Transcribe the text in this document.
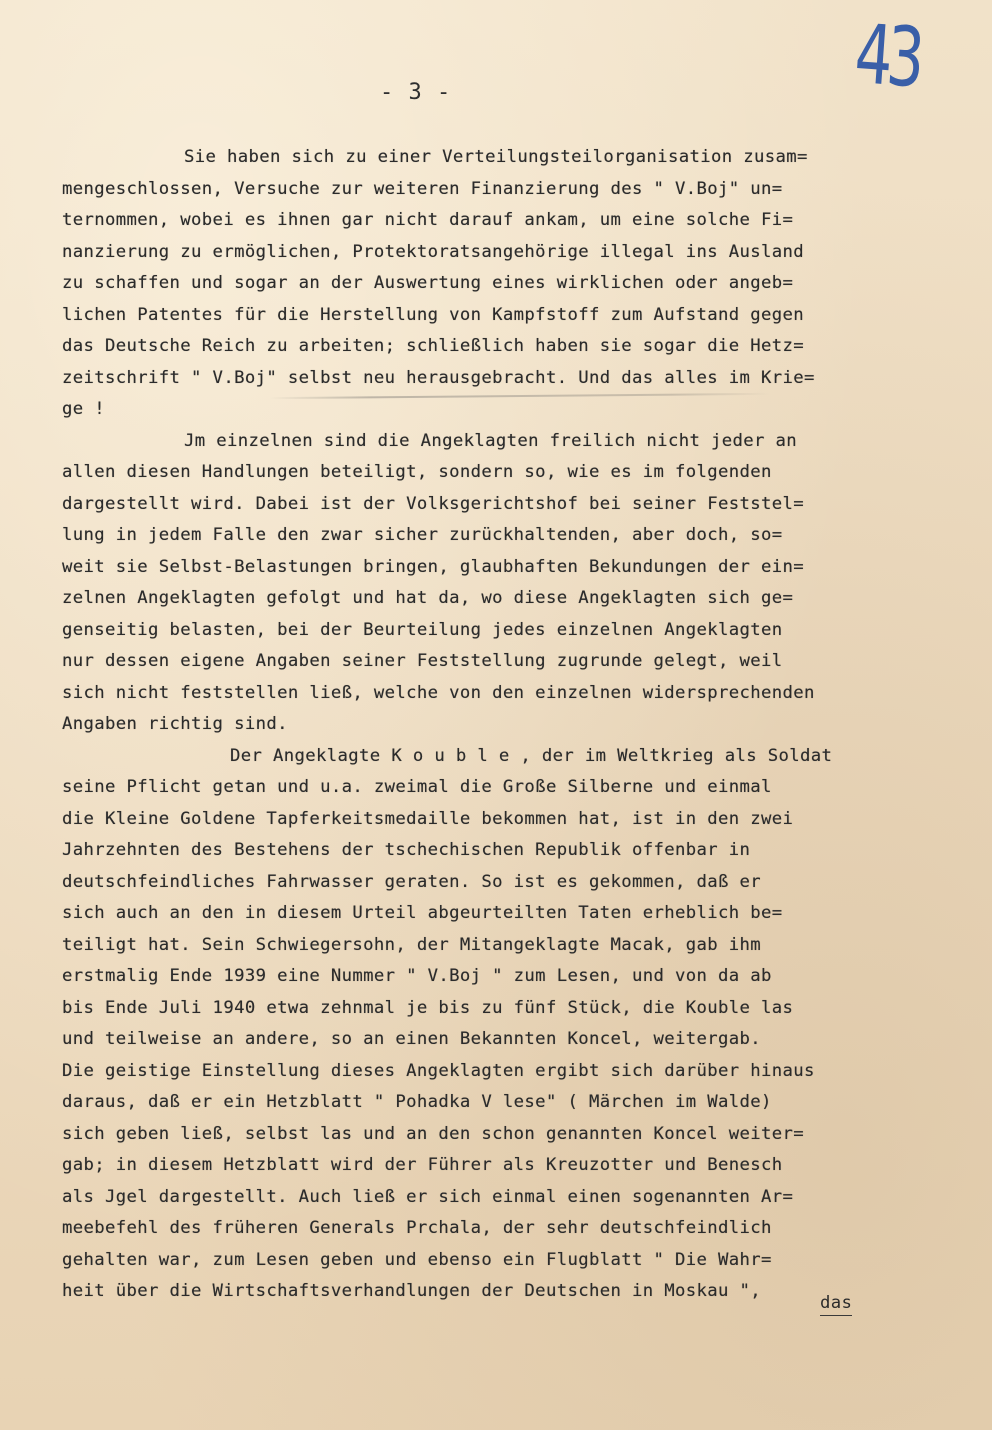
43
- 3 -
Sie haben sich zu einer Verteilungsteilorganisation zusam=
mengeschlossen, Versuche zur weiteren Finanzierung des " V.Boj" un=
ternommen, wobei es ihnen gar nicht darauf ankam, um eine solche Fi=
nanzierung zu ermöglichen, Protektoratsangehörige illegal ins Ausland
zu schaffen und sogar an der Auswertung eines wirklichen oder angeb=
lichen Patentes für die Herstellung von Kampfstoff zum Aufstand gegen
das Deutsche Reich zu arbeiten; schließlich haben sie sogar die Hetz=
zeitschrift " V.Boj" selbst neu herausgebracht. Und das alles im Krie=
ge !
Jm einzelnen sind die Angeklagten freilich nicht jeder an
allen diesen Handlungen beteiligt, sondern so, wie es im folgenden
dargestellt wird. Dabei ist der Volksgerichtshof bei seiner Feststel=
lung in jedem Falle den zwar sicher zurückhaltenden, aber doch, so=
weit sie Selbst-Belastungen bringen, glaubhaften Bekundungen der ein=
zelnen Angeklagten gefolgt und hat da, wo diese Angeklagten sich ge=
genseitig belasten, bei der Beurteilung jedes einzelnen Angeklagten
nur dessen eigene Angaben seiner Feststellung zugrunde gelegt, weil
sich nicht feststellen ließ, welche von den einzelnen widersprechenden
Angaben richtig sind.
Der Angeklagte K o u b l e , der im Weltkrieg als Soldat
seine Pflicht getan und u.a. zweimal die Große Silberne und einmal
die Kleine Goldene Tapferkeitsmedaille bekommen hat, ist in den zwei
Jahrzehnten des Bestehens der tschechischen Republik offenbar in
deutschfeindliches Fahrwasser geraten. So ist es gekommen, daß er
sich auch an den in diesem Urteil abgeurteilten Taten erheblich be=
teiligt hat. Sein Schwiegersohn, der Mitangeklagte Macak, gab ihm
erstmalig Ende 1939 eine Nummer " V.Boj " zum Lesen, und von da ab
bis Ende Juli 1940 etwa zehnmal je bis zu fünf Stück, die Kouble las
und teilweise an andere, so an einen Bekannten Koncel, weitergab.
Die geistige Einstellung dieses Angeklagten ergibt sich darüber hinaus
daraus, daß er ein Hetzblatt " Pohadka V lese" ( Märchen im Walde)
sich geben ließ, selbst las und an den schon genannten Koncel weiter=
gab; in diesem Hetzblatt wird der Führer als Kreuzotter und Benesch
als Jgel dargestellt. Auch ließ er sich einmal einen sogenannten Ar=
meebefehl des früheren Generals Prchala, der sehr deutschfeindlich
gehalten war, zum Lesen geben und ebenso ein Flugblatt " Die Wahr=
heit über die Wirtschaftsverhandlungen der Deutschen in Moskau ",
das
